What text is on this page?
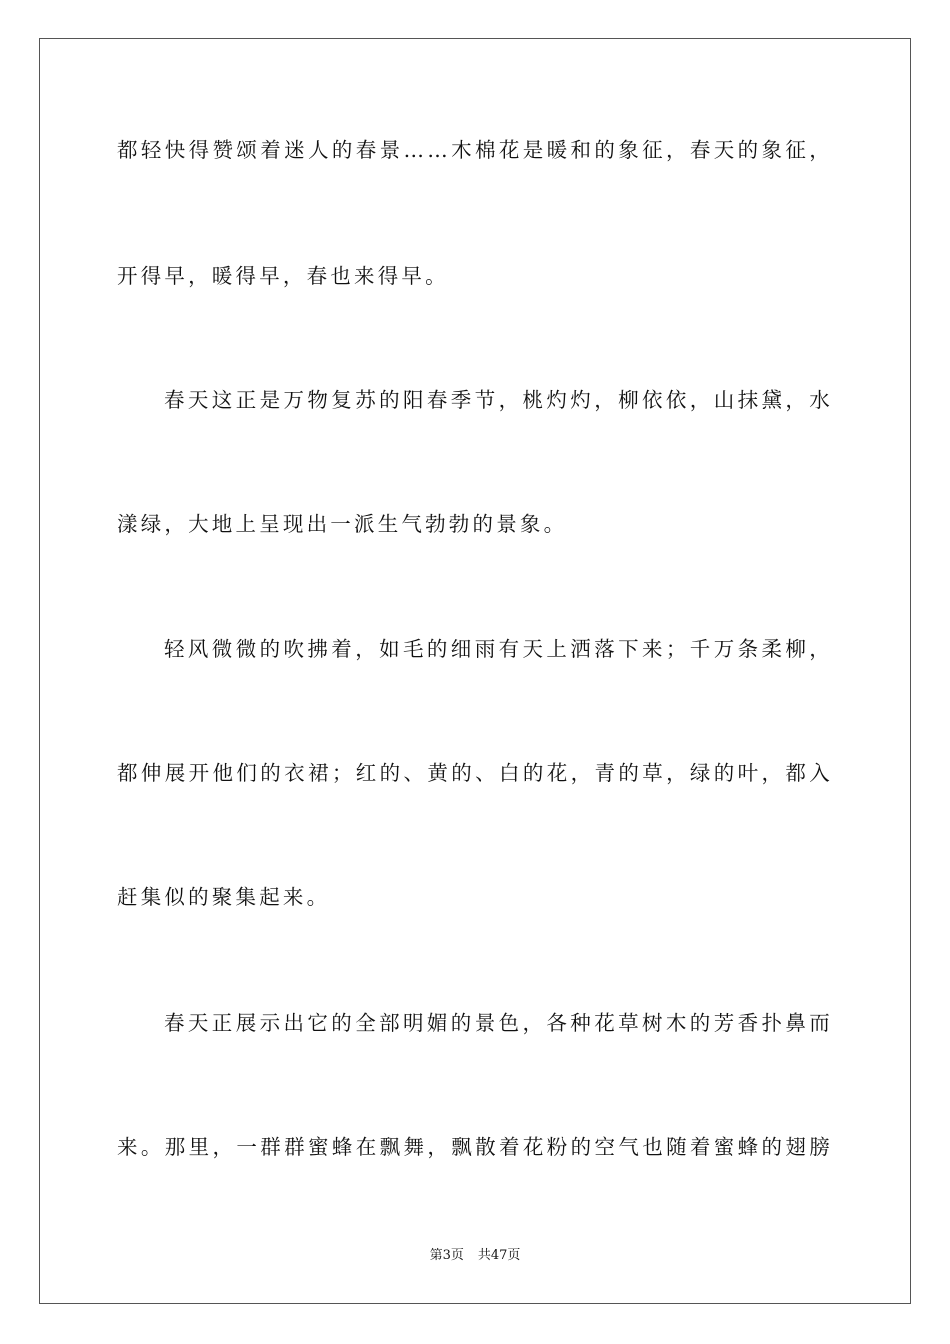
都轻快得赞颂着迷人的春景……木棉花是暖和的象征，春天的象征，
开得早，暖得早，春也来得早。
春天这正是万物复苏的阳春季节，桃灼灼，柳依依，山抹黛，水
漾绿，大地上呈现出一派生气勃勃的景象。
轻风微微的吹拂着，如毛的细雨有天上洒落下来；千万条柔柳，
都伸展开他们的衣裙；红的、黄的、白的花，青的草，绿的叶，都入
赶集似的聚集起来。
春天正展示出它的全部明媚的景色，各种花草树木的芳香扑鼻而
来。那里，一群群蜜蜂在飘舞，飘散着花粉的空气也随着蜜蜂的翅膀
第3页 共47页
